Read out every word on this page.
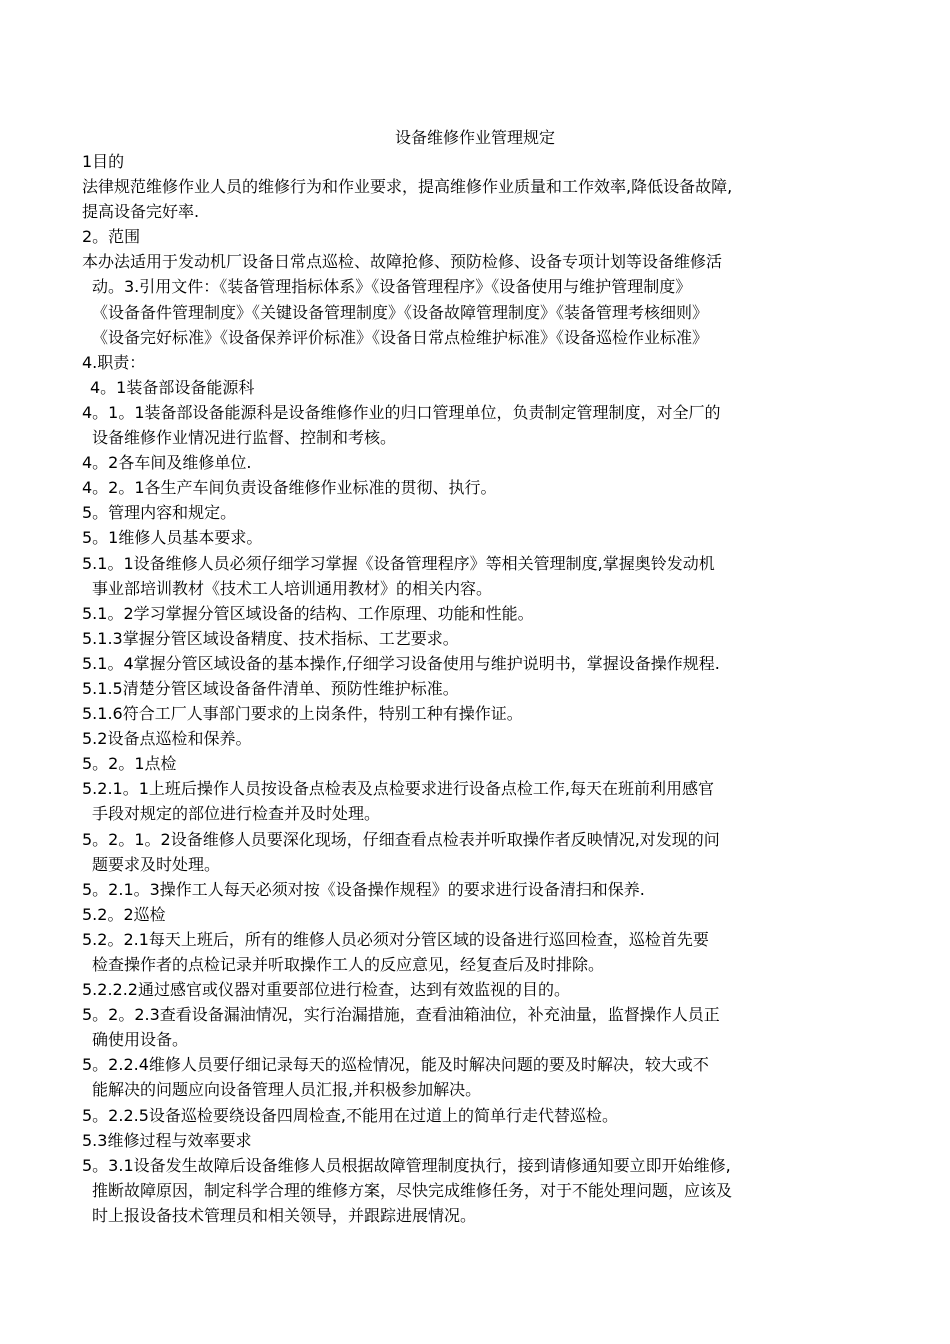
设备维修作业管理规定
1目的
法律规范维修作业人员的维修行为和作业要求，提高维修作业质量和工作效率,降低设备故障,
提高设备完好率.
2。范围
本办法适用于发动机厂设备日常点巡检、故障抢修、预防检修、设备专项计划等设备维修活
动。3.引用文件：《装备管理指标体系》《设备管理程序》《设备使用与维护管理制度》
《设备备件管理制度》《关键设备管理制度》《设备故障管理制度》《装备管理考核细则》
《设备完好标准》《设备保养评价标准》《设备日常点检维护标准》《设备巡检作业标准》
4.职责：
4。1装备部设备能源科
4。1。1装备部设备能源科是设备维修作业的归口管理单位，负责制定管理制度，对全厂的
设备维修作业情况进行监督、控制和考核。
4。2各车间及维修单位.
4。2。1各生产车间负责设备维修作业标准的贯彻、执行。
5。管理内容和规定。
5。1维修人员基本要求。
5.1。1设备维修人员必须仔细学习掌握《设备管理程序》等相关管理制度,掌握奥铃发动机
事业部培训教材《技术工人培训通用教材》的相关内容。
5.1。2学习掌握分管区域设备的结构、工作原理、功能和性能。
5.1.3掌握分管区域设备精度、技术指标、工艺要求。
5.1。4掌握分管区域设备的基本操作,仔细学习设备使用与维护说明书，掌握设备操作规程.
5.1.5清楚分管区域设备备件清单、预防性维护标准。
5.1.6符合工厂人事部门要求的上岗条件，特别工种有操作证。
5.2设备点巡检和保养。
5。2。1点检
5.2.1。1上班后操作人员按设备点检表及点检要求进行设备点检工作,每天在班前利用感官
手段对规定的部位进行检查并及时处理。
5。2。1。2设备维修人员要深化现场，仔细查看点检表并听取操作者反映情况,对发现的问
题要求及时处理。
5。2.1。3操作工人每天必须对按《设备操作规程》的要求进行设备清扫和保养.
5.2。2巡检
5.2。2.1每天上班后，所有的维修人员必须对分管区域的设备进行巡回检查，巡检首先要
检查操作者的点检记录并听取操作工人的反应意见，经复查后及时排除。
5.2.2.2通过感官或仪器对重要部位进行检查，达到有效监视的目的。
5。2。2.3查看设备漏油情况，实行治漏措施，查看油箱油位，补充油量，监督操作人员正
确使用设备。
5。2.2.4维修人员要仔细记录每天的巡检情况，能及时解决问题的要及时解决，较大或不
能解决的问题应向设备管理人员汇报,并积极参加解决。
5。2.2.5设备巡检要绕设备四周检查,不能用在过道上的简单行走代替巡检。
5.3维修过程与效率要求
5。3.1设备发生故障后设备维修人员根据故障管理制度执行，接到请修通知要立即开始维修,
推断故障原因，制定科学合理的维修方案，尽快完成维修任务，对于不能处理问题，应该及
时上报设备技术管理员和相关领导，并跟踪进展情况。
